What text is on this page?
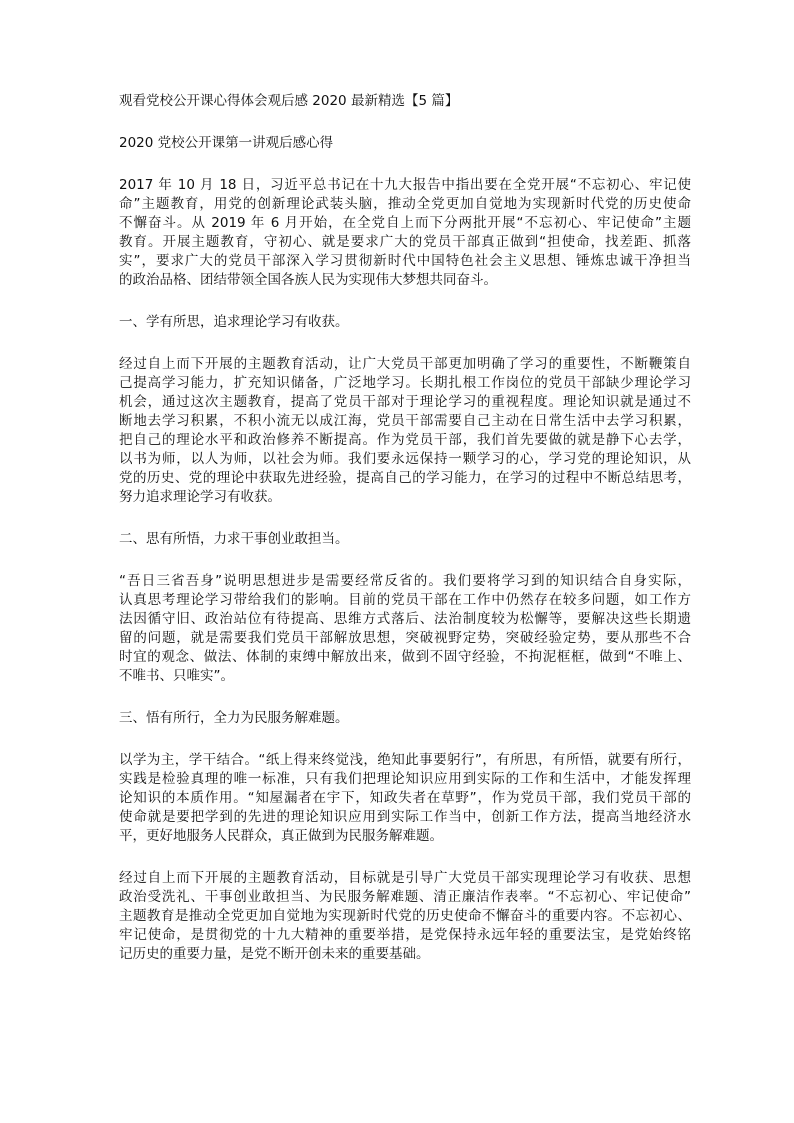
观看党校公开课心得体会观后感 2020 最新精选【5 篇】
2020 党校公开课第一讲观后感心得
2017 年 10 月 18 日，习近平总书记在十九大报告中指出要在全党开展“不忘初心、牢记使
命”主题教育，用党的创新理论武装头脑，推动全党更加自觉地为实现新时代党的历史使命
不懈奋斗。从 2019 年 6 月开始，在全党自上而下分两批开展“不忘初心、牢记使命”主题
教育。开展主题教育，守初心、就是要求广大的党员干部真正做到“担使命，找差距、抓落
实”，要求广大的党员干部深入学习贯彻新时代中国特色社会主义思想、锤炼忠诚干净担当
的政治品格、团结带领全国各族人民为实现伟大梦想共同奋斗。
一、学有所思，追求理论学习有收获。
经过自上而下开展的主题教育活动，让广大党员干部更加明确了学习的重要性，不断鞭策自
己提高学习能力，扩充知识储备，广泛地学习。长期扎根工作岗位的党员干部缺少理论学习
机会，通过这次主题教育，提高了党员干部对于理论学习的重视程度。理论知识就是通过不
断地去学习积累，不积小流无以成江海，党员干部需要自己主动在日常生活中去学习积累，
把自己的理论水平和政治修养不断提高。作为党员干部，我们首先要做的就是静下心去学，
以书为师，以人为师，以社会为师。我们要永远保持一颗学习的心，学习党的理论知识，从
党的历史、党的理论中获取先进经验，提高自己的学习能力，在学习的过程中不断总结思考，
努力追求理论学习有收获。
二、思有所悟，力求干事创业敢担当。
“吾日三省吾身”说明思想进步是需要经常反省的。我们要将学习到的知识结合自身实际，
认真思考理论学习带给我们的影响。目前的党员干部在工作中仍然存在较多问题，如工作方
法因循守旧、政治站位有待提高、思维方式落后、法治制度较为松懈等，要解决这些长期遗
留的问题，就是需要我们党员干部解放思想，突破视野定势，突破经验定势，要从那些不合
时宜的观念、做法、体制的束缚中解放出来，做到不固守经验，不拘泥框框，做到“不唯上、
不唯书、只唯实”。
三、悟有所行，全力为民服务解难题。
以学为主，学干结合。“纸上得来终觉浅，绝知此事要躬行”，有所思，有所悟，就要有所行，
实践是检验真理的唯一标准，只有我们把理论知识应用到实际的工作和生活中，才能发挥理
论知识的本质作用。“知屋漏者在宇下，知政失者在草野”，作为党员干部，我们党员干部的
使命就是要把学到的先进的理论知识应用到实际工作当中，创新工作方法，提高当地经济水
平，更好地服务人民群众，真正做到为民服务解难题。
经过自上而下开展的主题教育活动，目标就是引导广大党员干部实现理论学习有收获、思想
政治受洗礼、干事创业敢担当、为民服务解难题、清正廉洁作表率。“不忘初心、牢记使命”
主题教育是推动全党更加自觉地为实现新时代党的历史使命不懈奋斗的重要内容。不忘初心、
牢记使命，是贯彻党的十九大精神的重要举措，是党保持永远年轻的重要法宝，是党始终铭
记历史的重要力量，是党不断开创未来的重要基础。
